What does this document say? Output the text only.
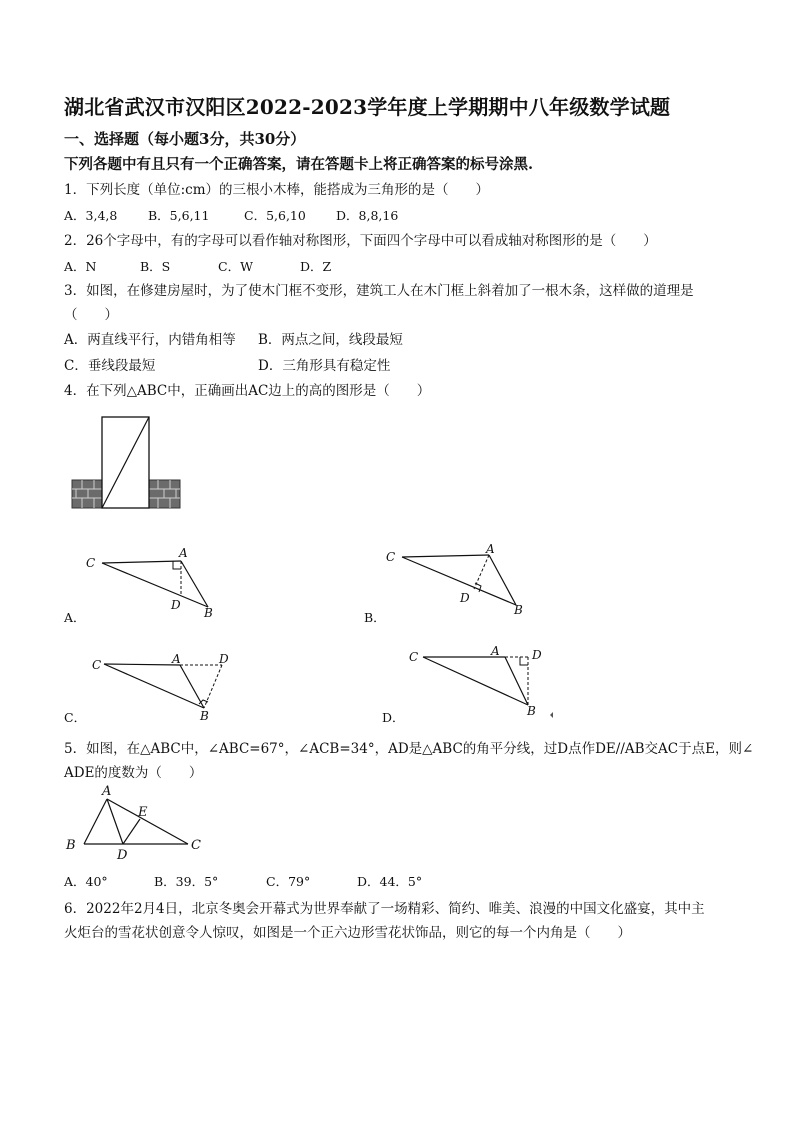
湖北省武汉市汉阳区2022-2023学年度上学期期中八年级数学试题
一、选择题（每小题3分，共30分）
下列各题中有且只有一个正确答案，请在答题卡上将正确答案的标号涂黑.
1．下列长度（单位:cm）的三根小木棒，能搭成为三角形的是（　　）
A．3,4,8 B．5,6,11	C．5,6,10 D．8,8,16
2．26个字母中，有的字母可以看作轴对称图形，下面四个字母中可以看成轴对称图形的是（　　）
A．N	B．S	C．W	D．Z
3．如图，在修建房屋时，为了使木门框不变形，建筑工人在木门框上斜着加了一根木条，这样做的道理是
（　　）
A．两直线平行，内错角相等 B．两点之间，线段最短
C．垂线段最短	D．三角形具有稳定性
4．在下列△ABC中，正确画出AC边上的高的图形是（　　）
C
A
D
B
A．
C
A
D
B
B．
C	A	D
B
C．
C	A	D
B
D．
5．如图，在△ABC中，∠ABC=67°，∠ACB=34°，AD是△ABC的角平分线，过D点作DE//AB交AC于点E，则∠
ADE的度数为（　　）
A
E
B
D
C
A．40°	B．39．5°	C．79°	D．44．5°
6．2022年2月4日，北京冬奥会开幕式为世界奉献了一场精彩、简约、唯美、浪漫的中国文化盛宴，其中主
火炬台的雪花状创意令人惊叹，如图是一个正六边形雪花状饰品，则它的每一个内角是（　　）
